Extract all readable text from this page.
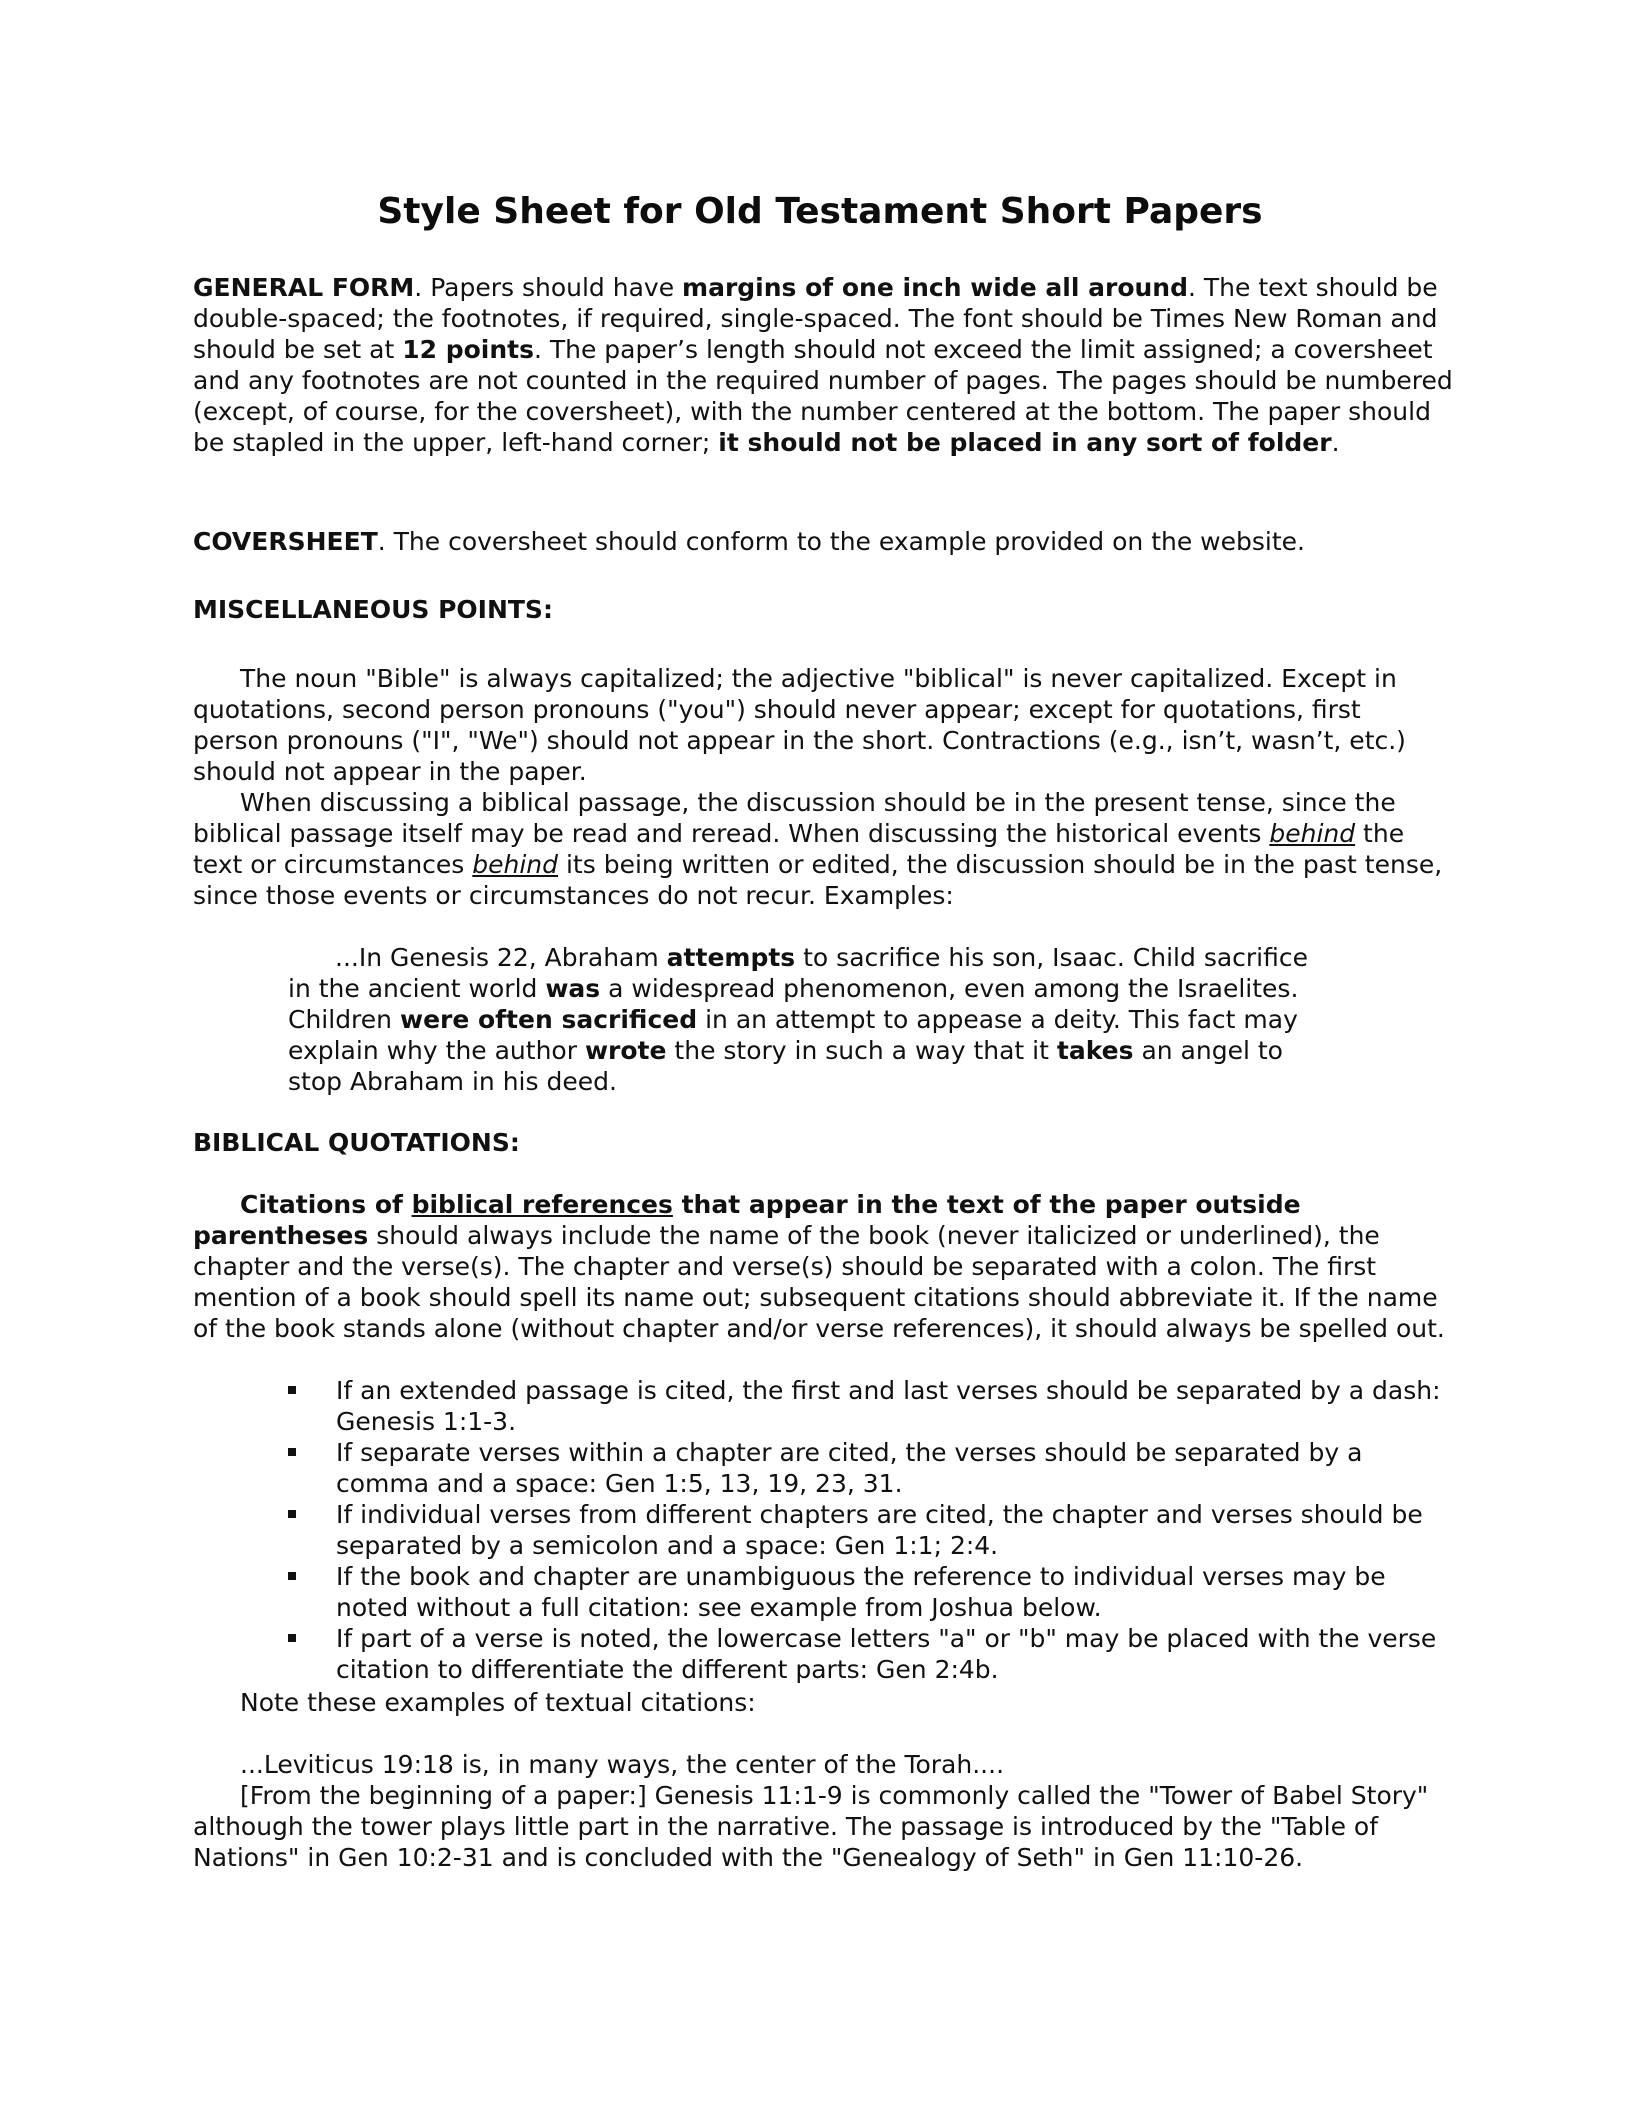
Style Sheet for Old Testament Short Papers

GENERAL FORM. Papers should have margins of one inch wide all around. The text should be double-spaced; the footnotes, if required, single-spaced. The font should be Times New Roman and should be set at 12 points. The paper’s length should not exceed the limit assigned; a coversheet and any footnotes are not counted in the required number of pages. The pages should be numbered (except, of course, for the coversheet), with the number centered at the bottom. The paper should be stapled in the upper, left-hand corner; it should not be placed in any sort of folder.

COVERSHEET. The coversheet should conform to the example provided on the website.

MISCELLANEOUS POINTS:

The noun "Bible" is always capitalized; the adjective "biblical" is never capitalized. Except in quotations, second person pronouns ("you") should never appear; except for quotations, first person pronouns ("I", "We") should not appear in the short. Contractions (e.g., isn’t, wasn’t, etc.) should not appear in the paper.

When discussing a biblical passage, the discussion should be in the present tense, since the biblical passage itself may be read and reread. When discussing the historical events behind the text or circumstances behind its being written or edited, the discussion should be in the past tense, since those events or circumstances do not recur. Examples:

...In Genesis 22, Abraham attempts to sacrifice his son, Isaac. Child sacrifice in the ancient world was a widespread phenomenon, even among the Israelites. Children were often sacrificed in an attempt to appease a deity. This fact may explain why the author wrote the story in such a way that it takes an angel to stop Abraham in his deed.

BIBLICAL QUOTATIONS:

Citations of biblical references that appear in the text of the paper outside parentheses should always include the name of the book (never italicized or underlined), the chapter and the verse(s). The chapter and verse(s) should be separated with a colon. The first mention of a book should spell its name out; subsequent citations should abbreviate it. If the name of the book stands alone (without chapter and/or verse references), it should always be spelled out.

If an extended passage is cited, the first and last verses should be separated by a dash: Genesis 1:1-3.
If separate verses within a chapter are cited, the verses should be separated by a comma and a space: Gen 1:5, 13, 19, 23, 31.
If individual verses from different chapters are cited, the chapter and verses should be separated by a semicolon and a space: Gen 1:1; 2:4.
If the book and chapter are unambiguous the reference to individual verses may be noted without a full citation: see example from Joshua below.
If part of a verse is noted, the lowercase letters "a" or "b" may be placed with the verse citation to differentiate the different parts: Gen 2:4b.

Note these examples of textual citations:

...Leviticus 19:18 is, in many ways, the center of the Torah....

[From the beginning of a paper:] Genesis 11:1-9 is commonly called the "Tower of Babel Story" although the tower plays little part in the narrative. The passage is introduced by the "Table of Nations" in Gen 10:2-31 and is concluded with the "Genealogy of Seth" in Gen 11:10-26.
